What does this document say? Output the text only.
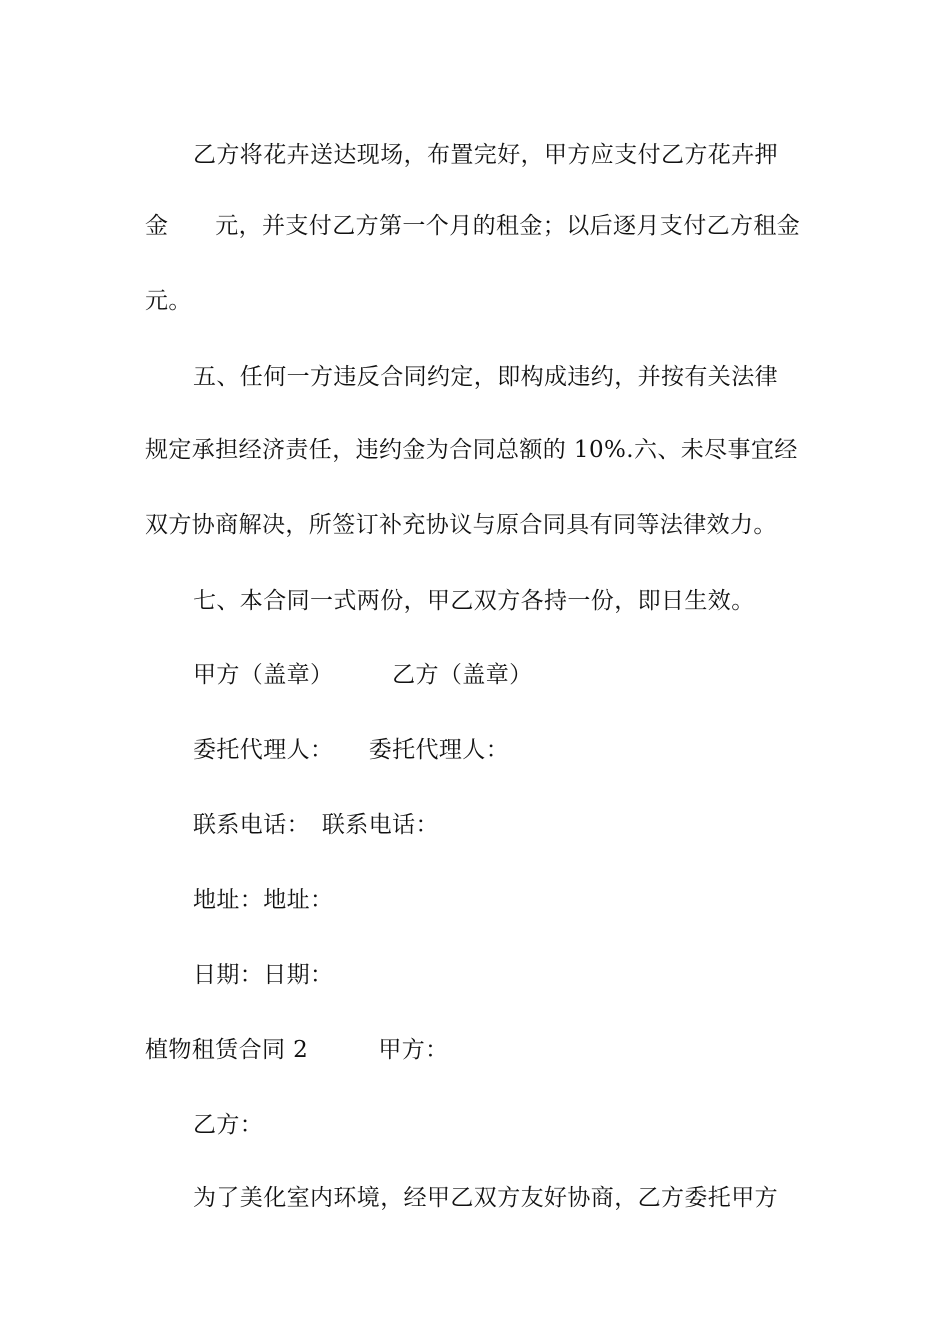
乙方将花卉送达现场，布置完好，甲方应支付乙方花卉押
金　　元，并支付乙方第一个月的租金；以后逐月支付乙方租金
元。
五、任何一方违反合同约定，即构成违约，并按有关法律
规定承担经济责任，违约金为合同总额的 10%.六、未尽事宜经
双方协商解决，所签订补充协议与原合同具有同等法律效力。
七、本合同一式两份，甲乙双方各持一份，即日生效。
甲方（盖章）　　　乙方（盖章）
委托代理人：　　委托代理人：
联系电话：　联系电话：
地址：地址：
日期：日期：
植物租赁合同 2　　　甲方：
乙方：
为了美化室内环境，经甲乙双方友好协商，乙方委托甲方
